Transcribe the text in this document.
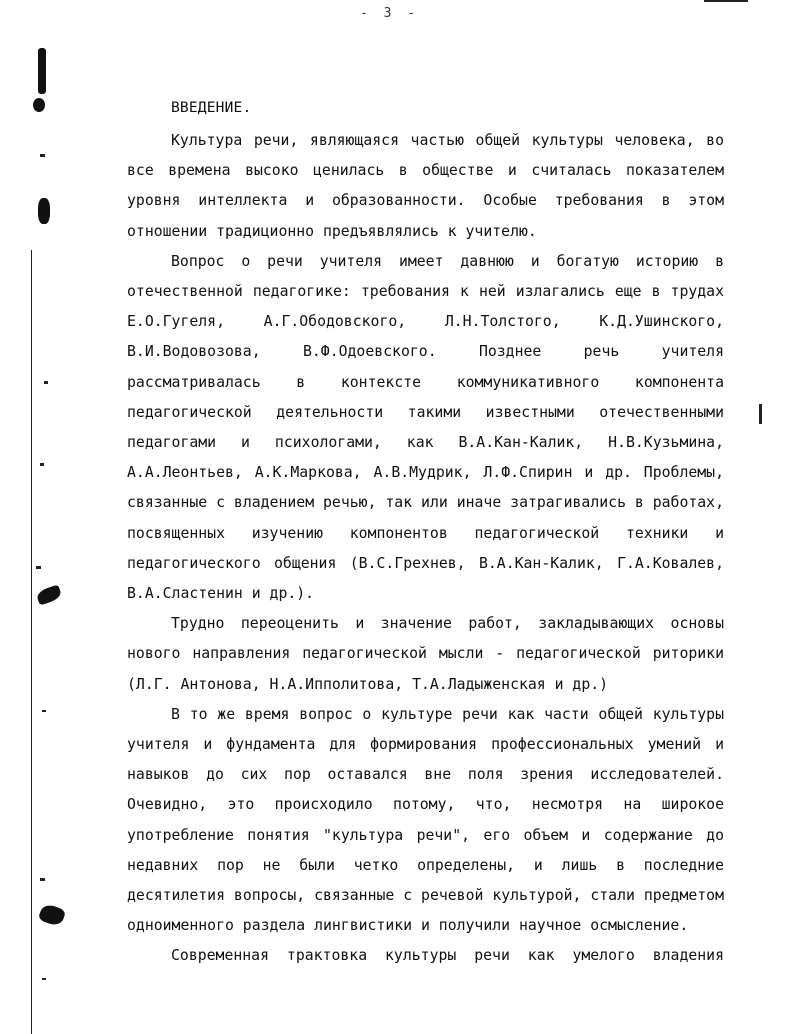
- 3 -
ВВЕДЕНИЕ.

Культура речи, являющаяся частью общей культуры человека, во все времена высоко ценилась в обществе и считалась показателем уровня интеллекта и образованности. Особые требования в этом отношении традиционно предъявлялись к учителю.

Вопрос о речи учителя имеет давнюю и богатую историю в отечественной педагогике: требования к ней излагались еще в трудах Е.О.Гугеля, А.Г.Ободовского, Л.Н.Толстого, К.Д.Ушинского, В.И.Водовозова, В.Ф.Одоевского. Позднее речь учителя рассматривалась в контексте коммуникативного компонента педагогической деятельности такими известными отечественными педагогами и психологами, как В.А.Кан-Калик, Н.В.Кузьмина, А.А.Леонтьев, А.К.Маркова, А.В.Мудрик, Л.Ф.Спирин и др. Проблемы, связанные с владением речью, так или иначе затрагивались в работах, посвященных изучению компонентов педагогической техники и педагогического общения (В.С.Грехнев, В.А.Кан-Калик, Г.А.Ковалев, В.А.Сластенин и др.).

Трудно переоценить и значение работ, закладывающих основы нового направления педагогической мысли - педагогической риторики (Л.Г. Антонова, Н.А.Ипполитова, Т.А.Ладыженская и др.)

В то же время вопрос о культуре речи как части общей культуры учителя и фундамента для формирования профессиональных умений и навыков до сих пор оставался вне поля зрения исследователей. Очевидно, это происходило потому, что, несмотря на широкое употребление понятия "культура речи", его объем и содержание до недавних пор не были четко определены, и лишь в последние десятилетия вопросы, связанные с речевой культурой, стали предметом одноименного раздела лингвистики и получили научное осмысление.

Современная трактовка культуры речи как умелого владения
